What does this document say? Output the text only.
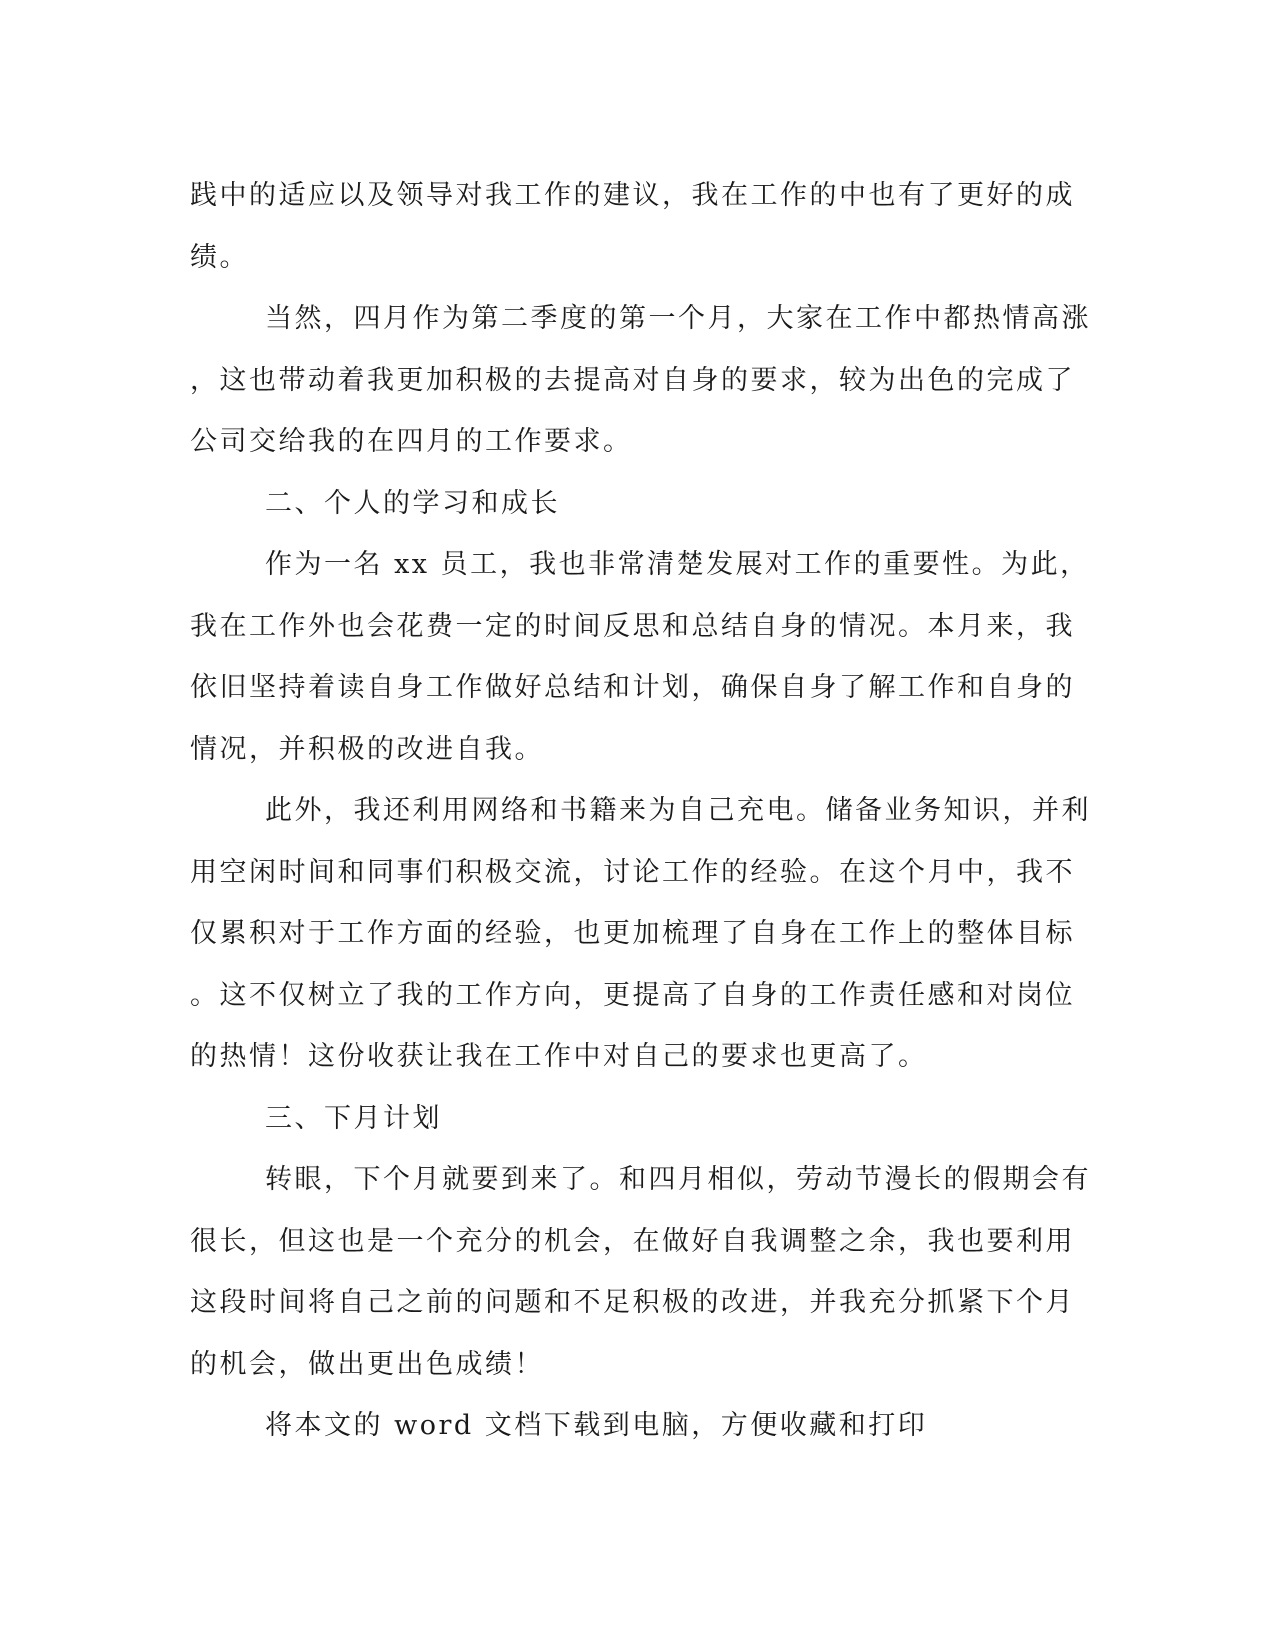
践中的适应以及领导对我工作的建议，我在工作的中也有了更好的成
绩。
当然，四月作为第二季度的第一个月，大家在工作中都热情高涨
，这也带动着我更加积极的去提高对自身的要求，较为出色的完成了
公司交给我的在四月的工作要求。
二、个人的学习和成长
作为一名 xx 员工，我也非常清楚发展对工作的重要性。为此，
我在工作外也会花费一定的时间反思和总结自身的情况。本月来，我
依旧坚持着读自身工作做好总结和计划，确保自身了解工作和自身的
情况，并积极的改进自我。
此外，我还利用网络和书籍来为自己充电。储备业务知识，并利
用空闲时间和同事们积极交流，讨论工作的经验。在这个月中，我不
仅累积对于工作方面的经验，也更加梳理了自身在工作上的整体目标
。这不仅树立了我的工作方向，更提高了自身的工作责任感和对岗位
的热情！这份收获让我在工作中对自己的要求也更高了。
三、下月计划
转眼，下个月就要到来了。和四月相似，劳动节漫长的假期会有
很长，但这也是一个充分的机会，在做好自我调整之余，我也要利用
这段时间将自己之前的问题和不足积极的改进，并我充分抓紧下个月
的机会，做出更出色成绩！
将本文的 word 文档下载到电脑，方便收藏和打印
